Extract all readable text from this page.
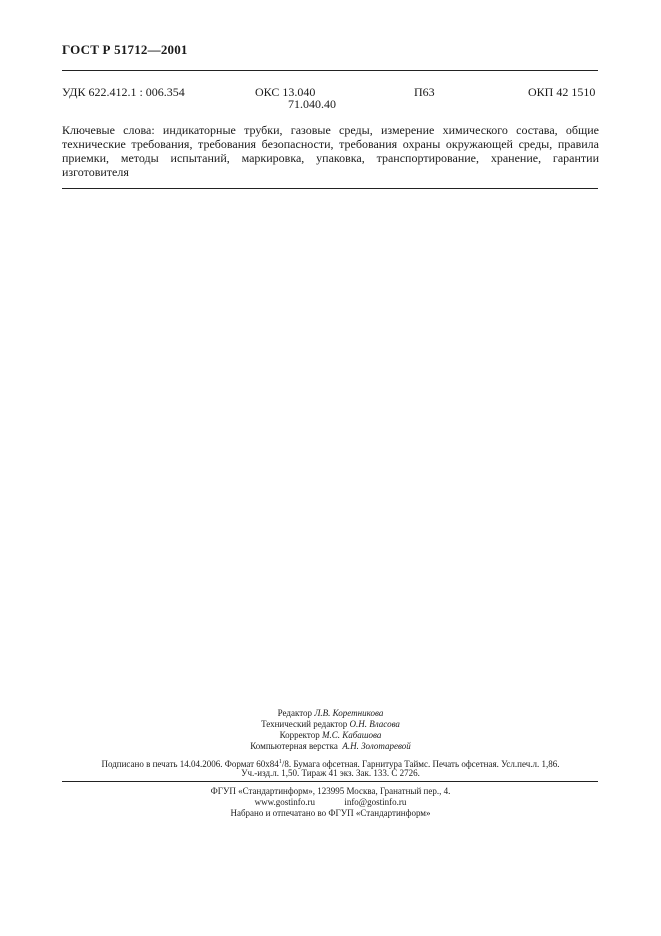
ГОСТ Р 51712—2001
УДК 622.412.1 : 006.354	ОКС 13.040
71.040.40
П63	ОКП 42 1510
Ключевые слова: индикаторные трубки, газовые среды, измерение химического состава, общие технические требования, требования безопасности, требования охраны окружающей среды, правила приемки, методы испытаний, маркировка, упаковка, транспортирование, хранение, гарантии изготовителя
Редактор Л.В. Коретникова
Технический редактор О.Н. Власова
Корректор М.С. Кабашова
Компьютерная верстка А.Н. Золотаревой
Подписано в печать 14.04.2006. Формат $60х84^1/8$. Бумага офсетная. Гарнитура Таймс. Печать офсетная. Усл.печ.л. 1,86.
Уч.-изд.л. 1,50. Тираж 41 экз. Зак. 133. С 2726.
ФГУП «Стандартинформ», 123995 Москва, Гранатный пер., 4.
www.gostinfo.ru	info@gostinfo.ru
Набрано и отпечатано во ФГУП «Стандартинформ»
